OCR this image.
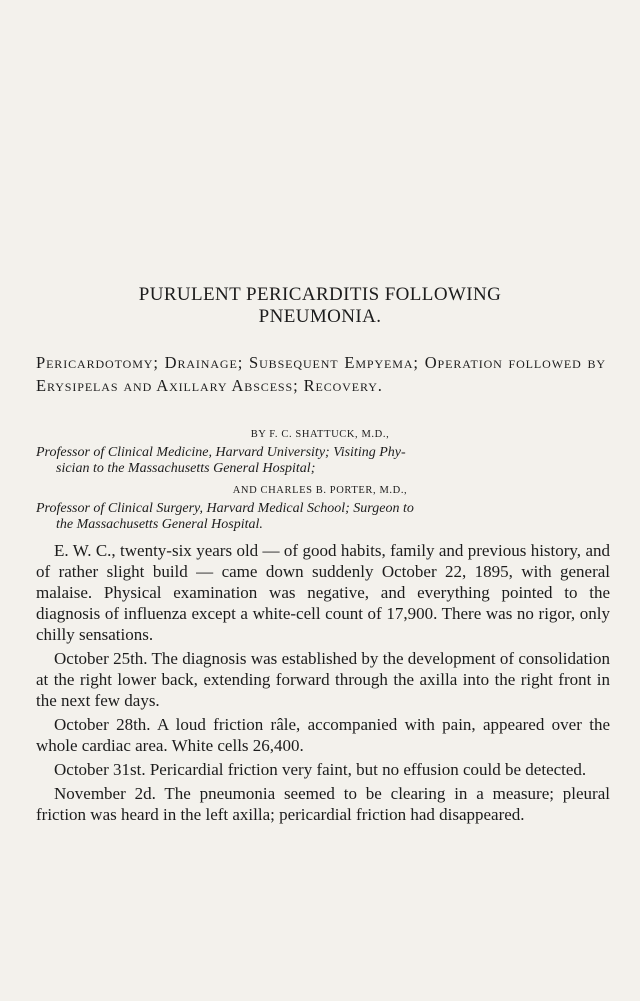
PURULENT PERICARDITIS FOLLOWING
PNEUMONIA.
Pericardotomy; Drainage; Subsequent Empyema; Operation followed by Erysipelas and Axillary Abscess; Recovery.
BY F. C. SHATTUCK, M.D.,
Professor of Clinical Medicine, Harvard University; Visiting Phy-
sician to the Massachusetts General Hospital;
AND CHARLES B. PORTER, M.D.,
Professor of Clinical Surgery, Harvard Medical School; Surgeon to
the Massachusetts General Hospital.

E. W. C., twenty-six years old — of good habits, family and previous history, and of rather slight build — came down suddenly October 22, 1895, with general malaise. Physical examination was negative, and everything pointed to the diagnosis of influenza except a white-cell count of 17,900. There was no rigor, only chilly sensations.

October 25th. The diagnosis was established by the development of consolidation at the right lower back, extending forward through the axilla into the right front in the next few days.

October 28th. A loud friction râle, accompanied with pain, appeared over the whole cardiac area. White cells 26,400.

October 31st. Pericardial friction very faint, but no effusion could be detected.

November 2d. The pneumonia seemed to be clearing in a measure; pleural friction was heard in the left axilla; pericardial friction had disappeared.
